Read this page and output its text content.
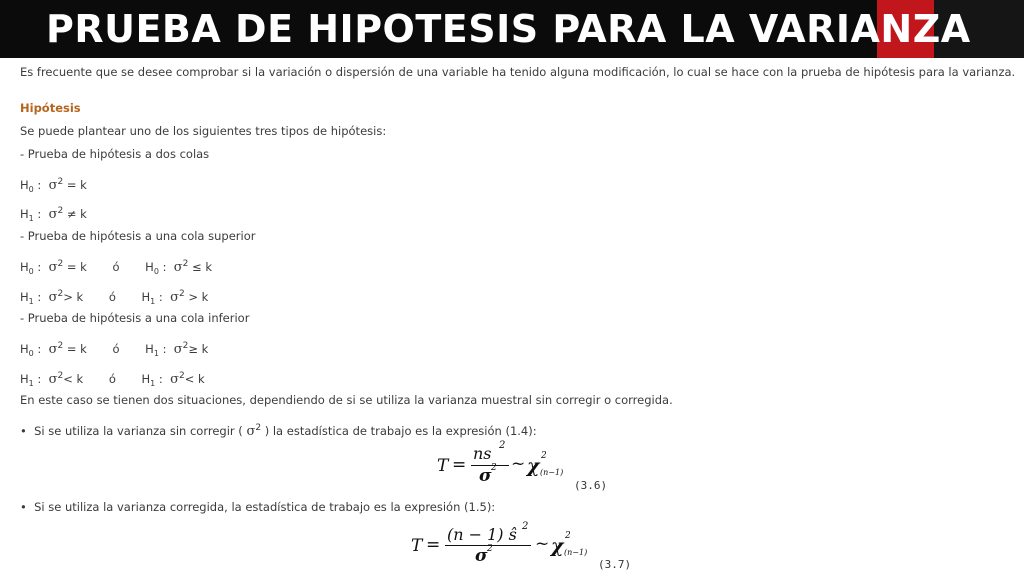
PRUEBA DE HIPOTESIS PARA LA VARIANZA
Es frecuente que se desee comprobar si la variación o dispersión de una variable ha tenido alguna modificación, lo cual se hace con la prueba de hipótesis para la varianza.
Hipótesis
Se puede plantear uno de los siguientes tres tipos de hipótesis:
- Prueba de hipótesis a dos colas
$H_0$ : $\sigma^2 = k$
$H_1$ : $\sigma^2 \ne k$
- Prueba de hipótesis a una cola superior
$H_0$ : $\sigma^2 = k$ ó $H_0$ : $\sigma^2 \le k$
$H_1$ : $\sigma^2> k$ ó $H_1$ : $\sigma^2 > k$
- Prueba de hipótesis a una cola inferior
$H_0$ : $\sigma^2 = k$ ó $H_1$ : $\sigma^2\ge k$
$H_1$ : $\sigma^2< k$ ó $H_1$ : $\sigma^2< k$
En este caso se tienen dos situaciones, dependiendo de si se utiliza la varianza muestral sin corregir o corregida.
•  Si se utiliza la varianza sin corregir ( $\sigma^2$ ) la estadística de trabajo es la expresión (1.4):
T =
ns 2
σ 2 ~ χ 2
(n−1)
(3.6)
•  Si se utiliza la varianza corregida, la estadística de trabajo es la expresión (1.5):
T =
(n − 1) ŝ 2
σ 2 ~ χ 2
(n−1)
(3.7)
